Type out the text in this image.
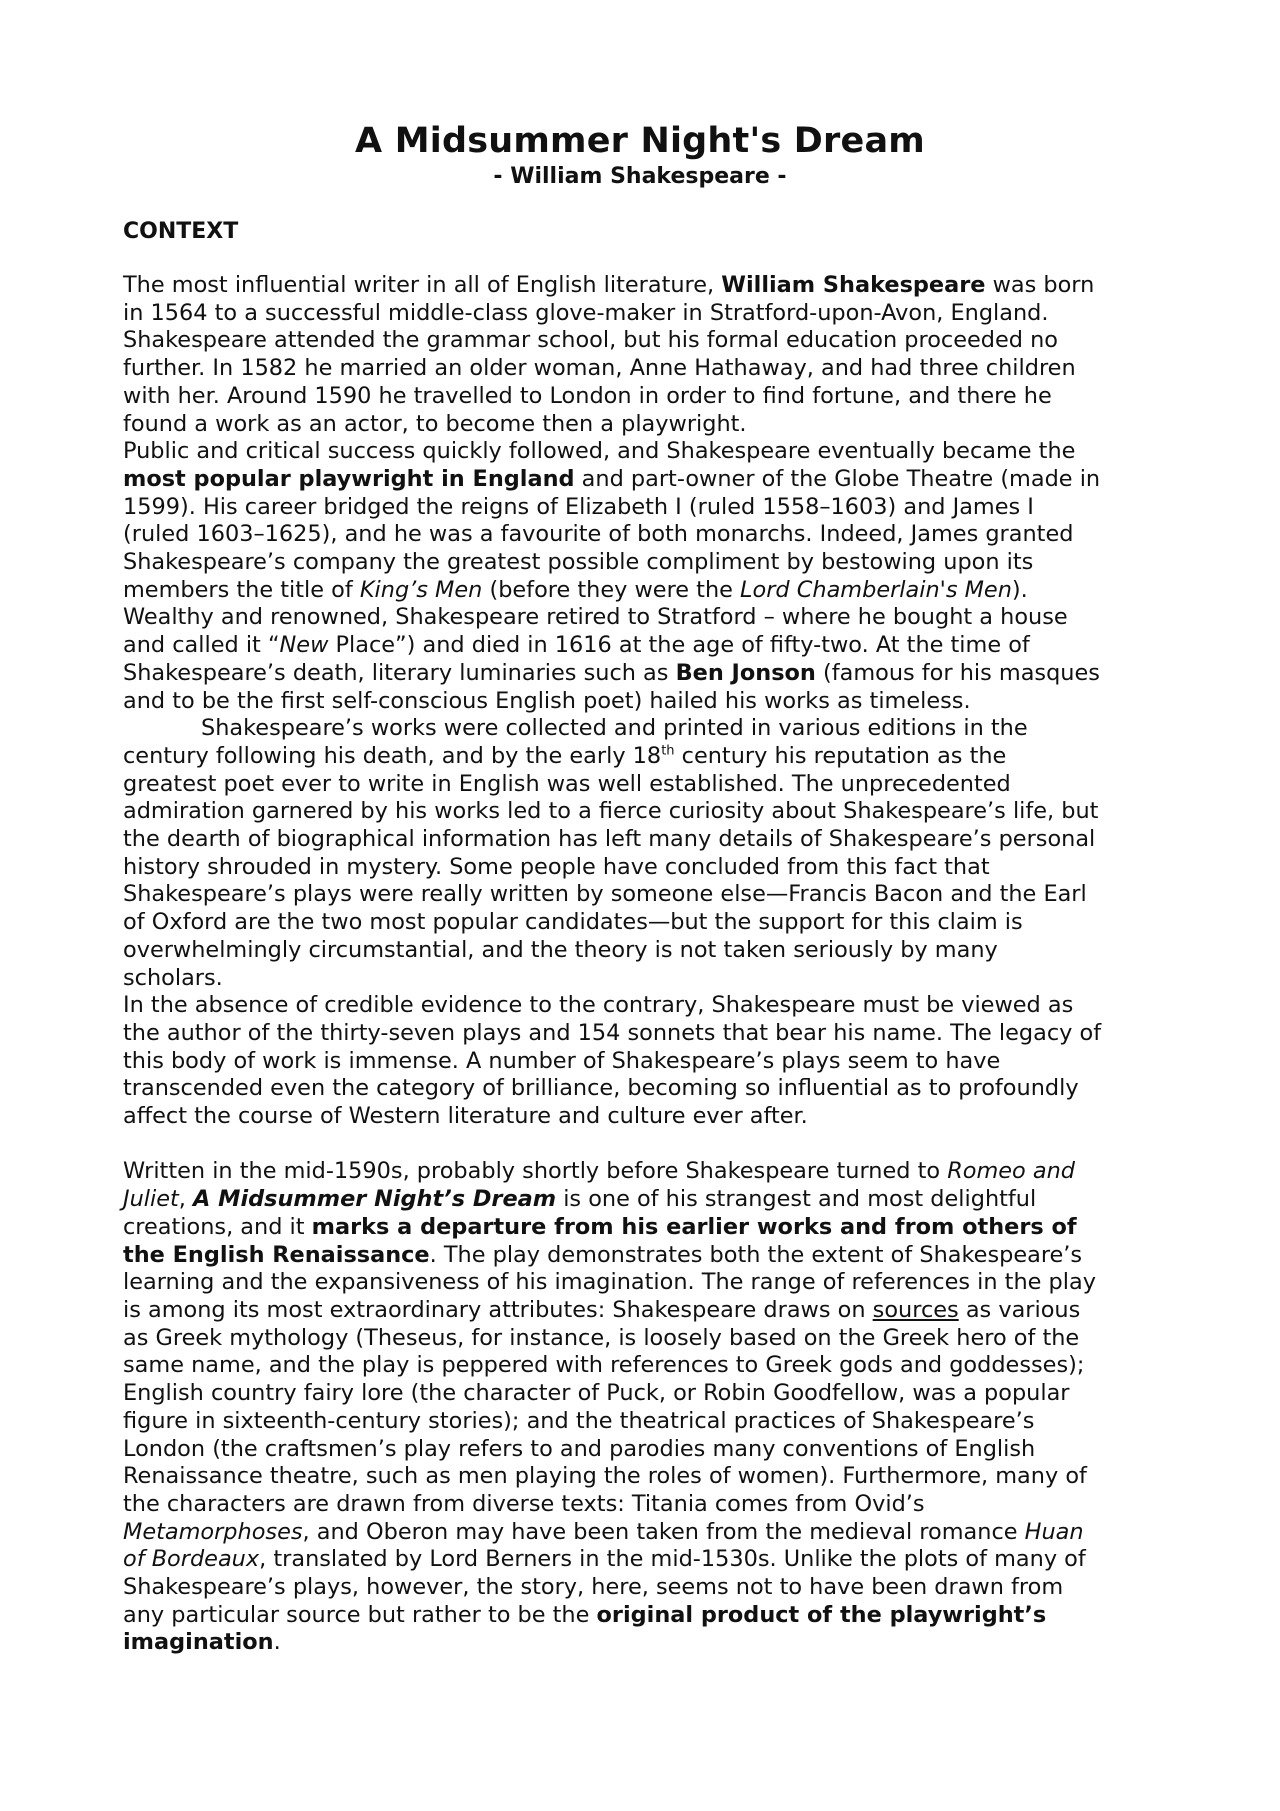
A Midsummer Night's Dream
- William Shakespeare -
CONTEXT

The most influential writer in all of English literature, William Shakespeare was born
in 1564 to a successful middle-class glove-maker in Stratford-upon-Avon, England.
Shakespeare attended the grammar school, but his formal education proceeded no
further. In 1582 he married an older woman, Anne Hathaway, and had three children
with her. Around 1590 he travelled to London in order to find fortune, and there he
found a work as an actor, to become then a playwright.

Public and critical success quickly followed, and Shakespeare eventually became the
most popular playwright in England and part-owner of the Globe Theatre (made in
1599). His career bridged the reigns of Elizabeth I (ruled 1558–1603) and James I
(ruled 1603–1625), and he was a favourite of both monarchs. Indeed, James granted
Shakespeare’s company the greatest possible compliment by bestowing upon its
members the title of King’s Men (before they were the Lord Chamberlain's Men).
Wealthy and renowned, Shakespeare retired to Stratford – where he bought a house
and called it “New Place”) and died in 1616 at the age of fifty-two. At the time of
Shakespeare’s death, literary luminaries such as Ben Jonson (famous for his masques
and to be the first self-conscious English poet) hailed his works as timeless.

Shakespeare’s works were collected and printed in various editions in the
century following his death, and by the early 18th century his reputation as the
greatest poet ever to write in English was well established. The unprecedented
admiration garnered by his works led to a fierce curiosity about Shakespeare’s life, but
the dearth of biographical information has left many details of Shakespeare’s personal
history shrouded in mystery. Some people have concluded from this fact that
Shakespeare’s plays were really written by someone else—Francis Bacon and the Earl
of Oxford are the two most popular candidates—but the support for this claim is
overwhelmingly circumstantial, and the theory is not taken seriously by many
scholars.

In the absence of credible evidence to the contrary, Shakespeare must be viewed as
the author of the thirty-seven plays and 154 sonnets that bear his name. The legacy of
this body of work is immense. A number of Shakespeare’s plays seem to have
transcended even the category of brilliance, becoming so influential as to profoundly
affect the course of Western literature and culture ever after.

Written in the mid-1590s, probably shortly before Shakespeare turned to Romeo and
Juliet, A Midsummer Night’s Dream is one of his strangest and most delightful
creations, and it marks a departure from his earlier works and from others of
the English Renaissance. The play demonstrates both the extent of Shakespeare’s
learning and the expansiveness of his imagination. The range of references in the play
is among its most extraordinary attributes: Shakespeare draws on sources as various
as Greek mythology (Theseus, for instance, is loosely based on the Greek hero of the
same name, and the play is peppered with references to Greek gods and goddesses);
English country fairy lore (the character of Puck, or Robin Goodfellow, was a popular
figure in sixteenth-century stories); and the theatrical practices of Shakespeare’s
London (the craftsmen’s play refers to and parodies many conventions of English
Renaissance theatre, such as men playing the roles of women). Furthermore, many of
the characters are drawn from diverse texts: Titania comes from Ovid’s
Metamorphoses, and Oberon may have been taken from the medieval romance Huan
of Bordeaux, translated by Lord Berners in the mid-1530s. Unlike the plots of many of
Shakespeare’s plays, however, the story, here, seems not to have been drawn from
any particular source but rather to be the original product of the playwright’s
imagination.
